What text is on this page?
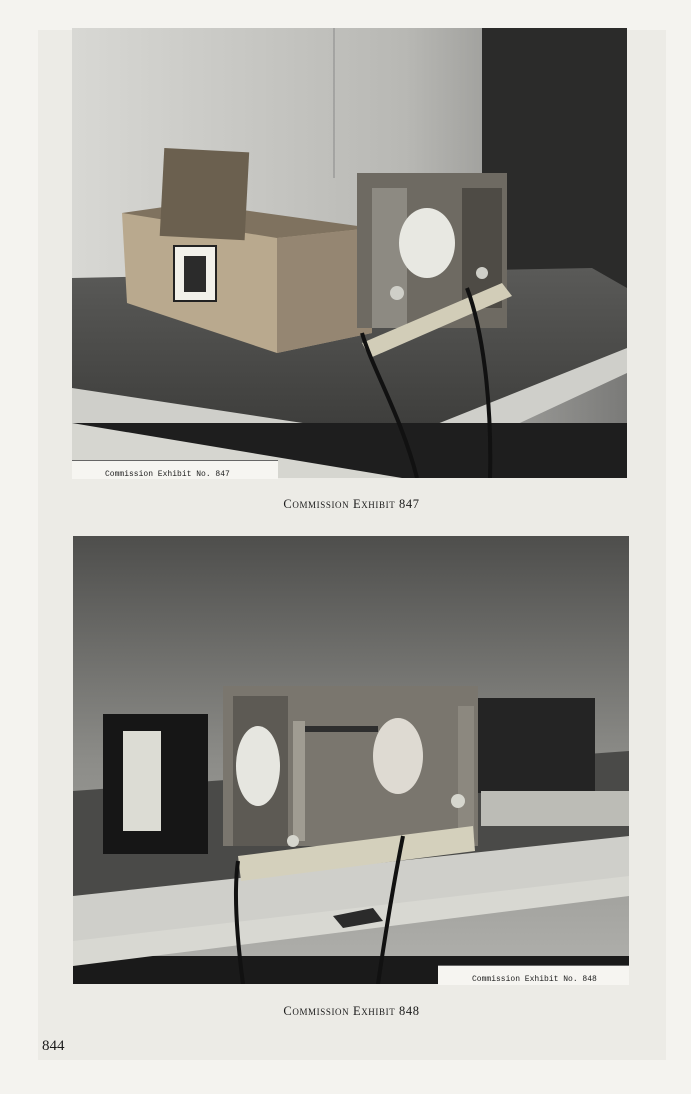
Commission Exhibit No. 847
Commission Exhibit 847
Commission Exhibit No. 848
Commission Exhibit 848
844
